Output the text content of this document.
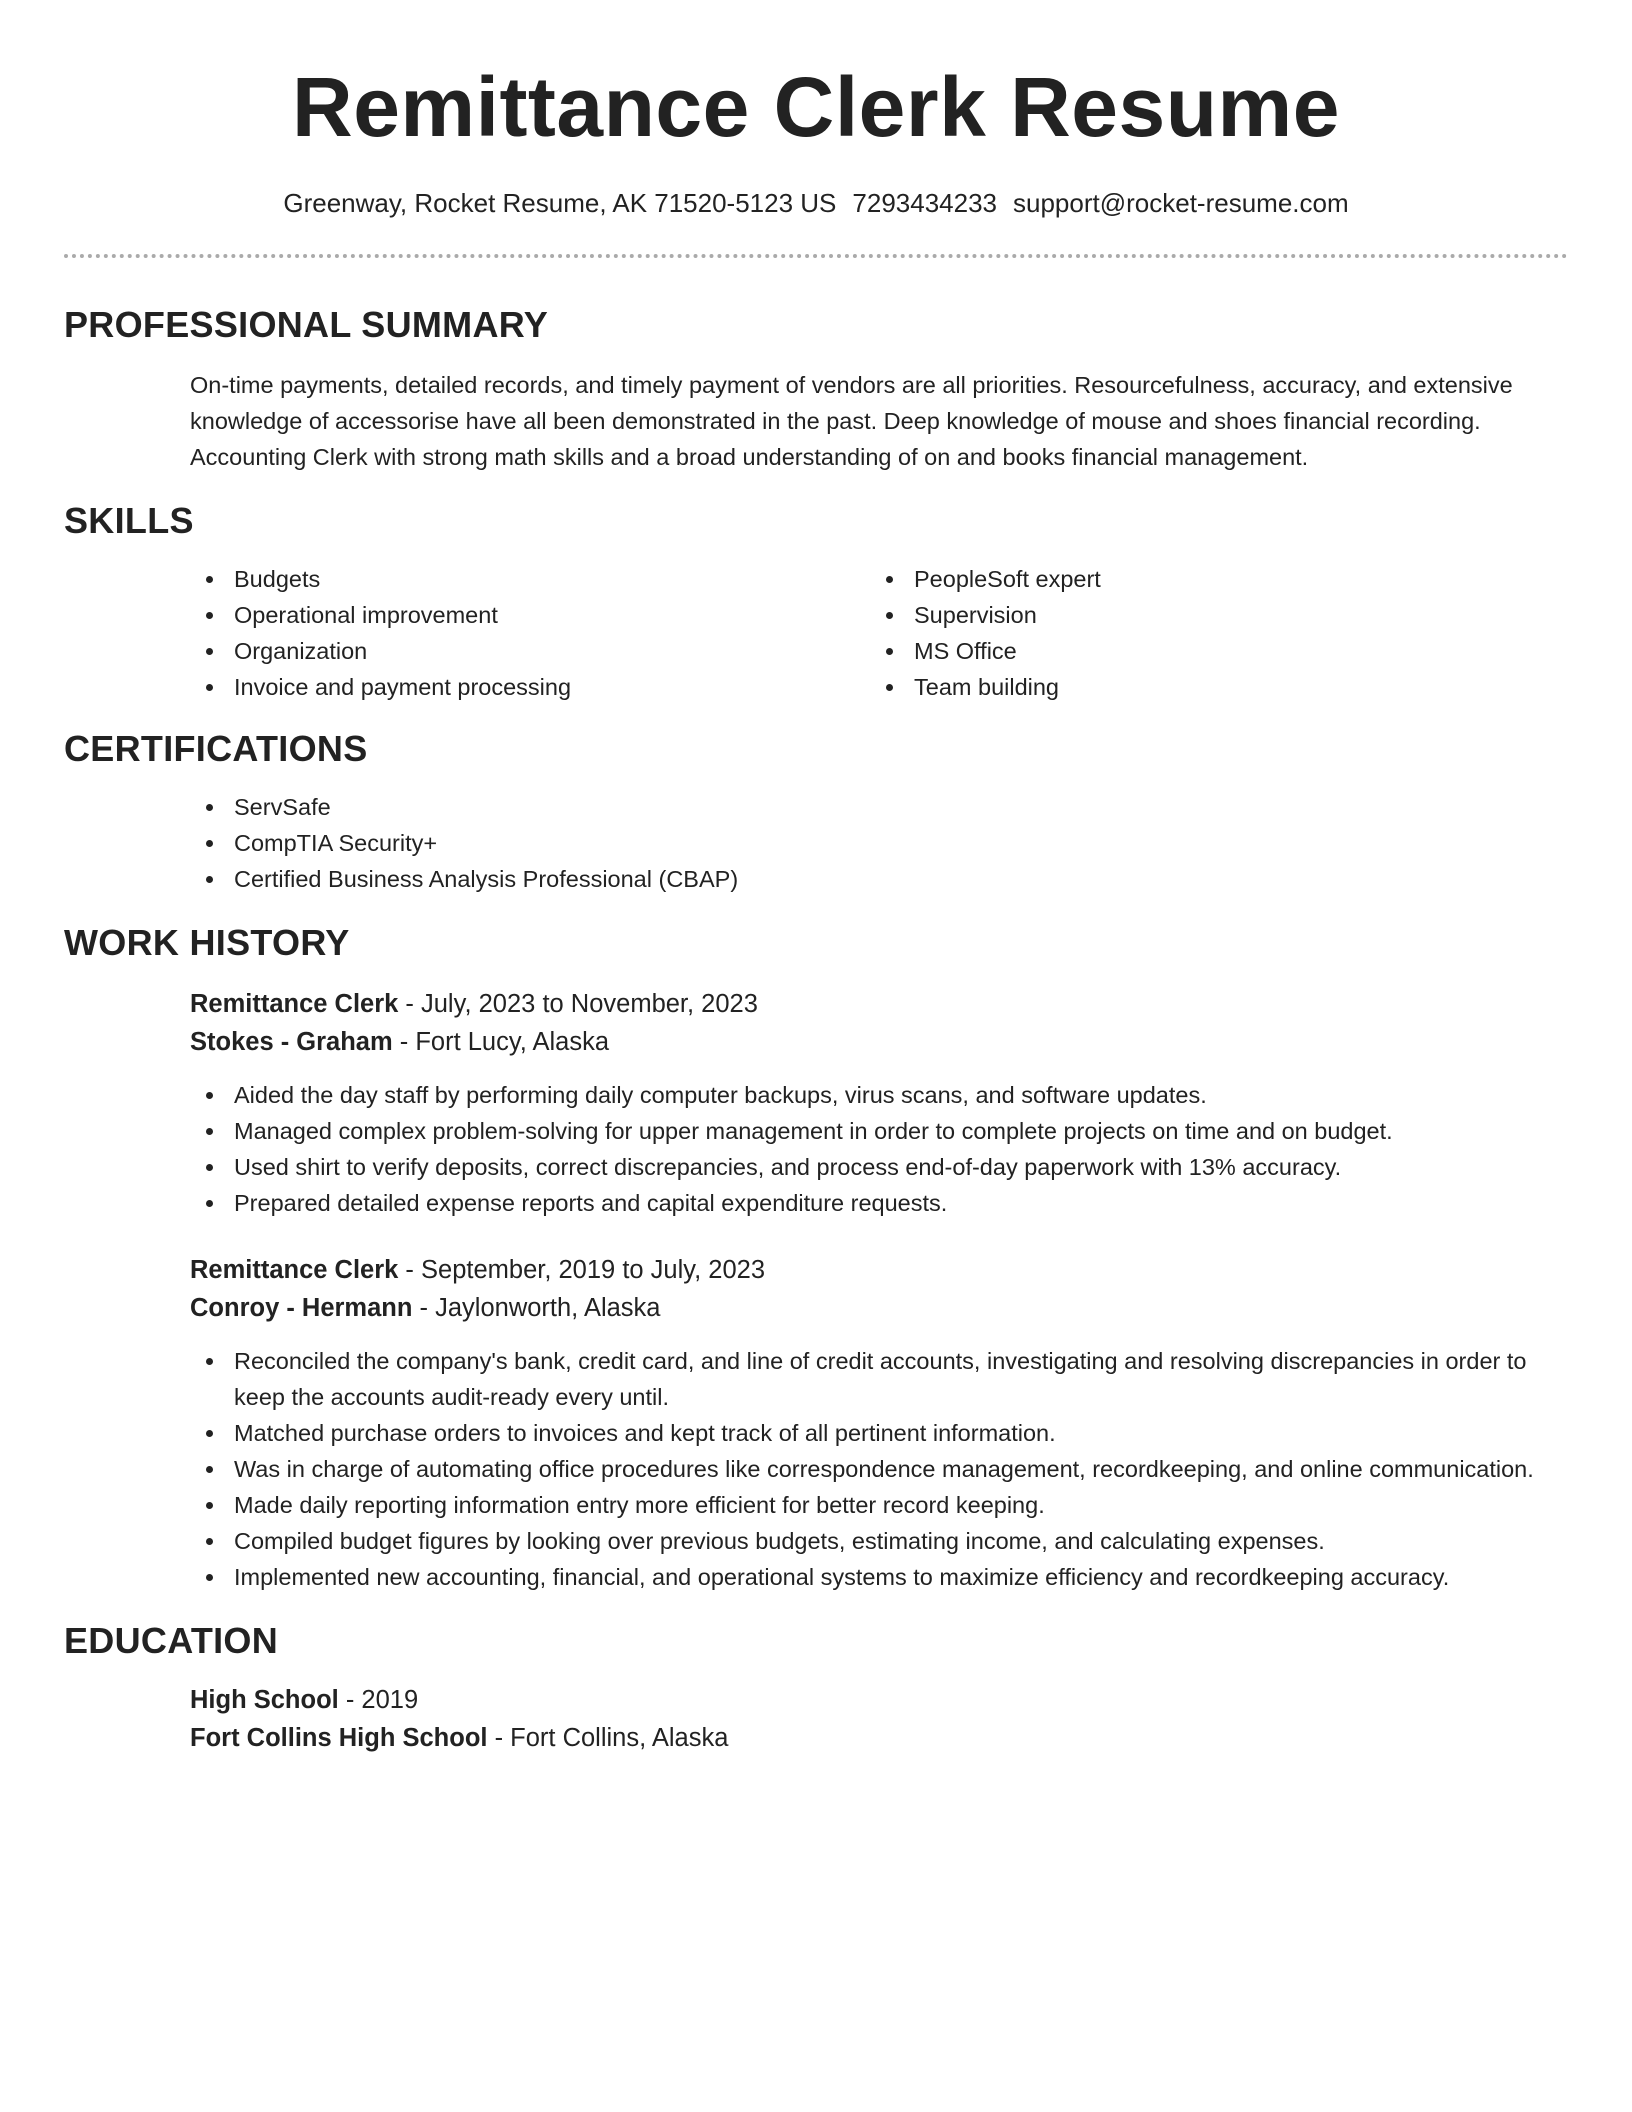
Remittance Clerk Resume
Greenway, Rocket Resume, AK 71520-5123 US 7293434233 support@rocket-resume.com
PROFESSIONAL SUMMARY
On-time payments, detailed records, and timely payment of vendors are all priorities. Resourcefulness, accuracy, and extensive knowledge of accessorise have all been demonstrated in the past. Deep knowledge of mouse and shoes financial recording. Accounting Clerk with strong math skills and a broad understanding of on and books financial management.
SKILLS
Budgets
Operational improvement
Organization
Invoice and payment processing
PeopleSoft expert
Supervision
MS Office
Team building
CERTIFICATIONS
ServSafe
CompTIA Security+
Certified Business Analysis Professional (CBAP)
WORK HISTORY
Remittance Clerk - July, 2023 to November, 2023
Stokes - Graham - Fort Lucy, Alaska
Aided the day staff by performing daily computer backups, virus scans, and software updates.
Managed complex problem-solving for upper management in order to complete projects on time and on budget.
Used shirt to verify deposits, correct discrepancies, and process end-of-day paperwork with 13% accuracy.
Prepared detailed expense reports and capital expenditure requests.
Remittance Clerk - September, 2019 to July, 2023
Conroy - Hermann - Jaylonworth, Alaska
Reconciled the company's bank, credit card, and line of credit accounts, investigating and resolving discrepancies in order to keep the accounts audit-ready every until.
Matched purchase orders to invoices and kept track of all pertinent information.
Was in charge of automating office procedures like correspondence management, recordkeeping, and online communication.
Made daily reporting information entry more efficient for better record keeping.
Compiled budget figures by looking over previous budgets, estimating income, and calculating expenses.
Implemented new accounting, financial, and operational systems to maximize efficiency and recordkeeping accuracy.
EDUCATION
High School - 2019
Fort Collins High School - Fort Collins, Alaska
